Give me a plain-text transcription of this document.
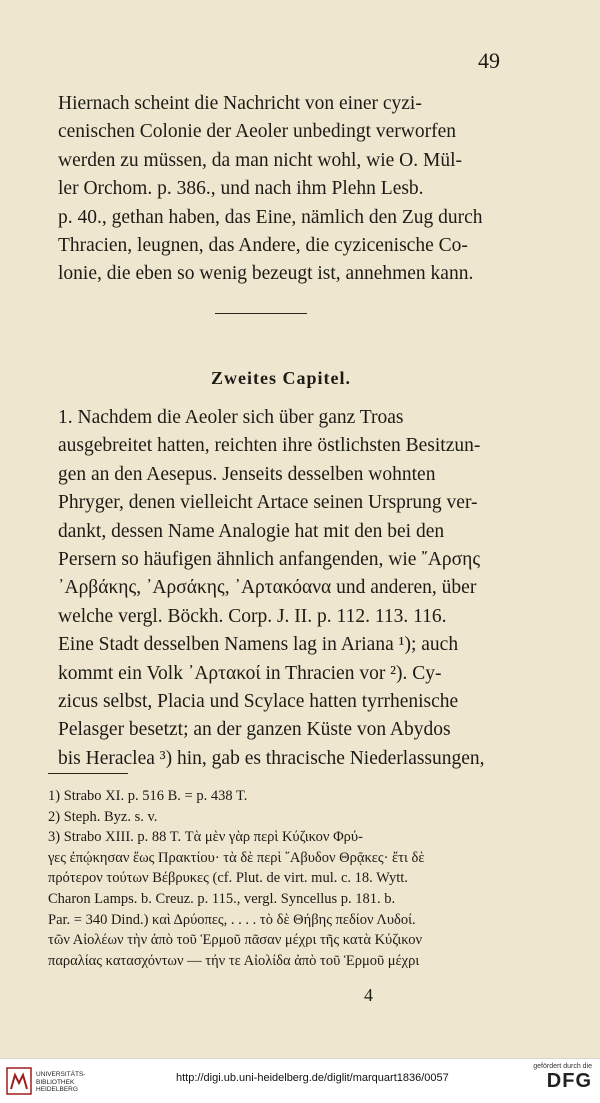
49
Hiernach scheint die Nachricht von einer cyzi-
cenischen Colonie der Aeoler unbedingt verworfen
werden zu müssen, da man nicht wohl, wie O. Mül-
ler Orchom. p. 386., und nach ihm Plehn Lesb.
p. 40., gethan haben, das Eine, nämlich den Zug durch
Thracien, leugnen, das Andere, die cyzicenische Co-
lonie, die eben so wenig bezeugt ist, annehmen kann.
Zweites Capitel.
1. Nachdem die Aeoler sich über ganz Troas
ausgebreitet hatten, reichten ihre östlichsten Besitzun-
gen an den Aesepus. Jenseits desselben wohnten
Phryger, denen vielleicht Artace seinen Ursprung ver-
dankt, dessen Name Analogie hat mit den bei den
Persern so häufigen ähnlich anfangenden, wie ῎Αρσης
᾿Αρβάκης, ᾿Αρσάκης, ᾿Αρτακόανα und anderen, über
welche vergl. Böckh. Corp. J. II. p. 112. 113. 116.
Eine Stadt desselben Namens lag in Ariana ¹); auch
kommt ein Volk ᾿Αρτακοί in Thracien vor ²). Cy-
zicus selbst, Placia und Scylace hatten tyrrhenische
Pelasger besetzt; an der ganzen Küste von Abydos
bis Heraclea ³) hin, gab es thracische Niederlassungen,
1) Strabo XI. p. 516 B. = p. 438 T.
2) Steph. Byz. s. v.
3) Strabo XIII. p. 88 T. Τὰ μὲν γὰρ περὶ Κύζικον Φρύ-
γες ἐπῴκησαν ἕως Πρακτίου· τὰ δὲ περὶ ῎Αβυδον Θρᾷκες· ἔτι δὲ
πρότερον τούτων Βέβρυκες (cf. Plut. de virt. mul. c. 18. Wytt.
Charon Lamps. b. Creuz. p. 115., vergl. Syncellus p. 181. b.
Par. = 340 Dind.) καὶ Δρύοπες, . . . . τὸ δὲ Θήβης πεδίον Λυδοί.
τῶν Αἰολέων τὴν ἀπὸ τοῦ Ἑρμοῦ πᾶσαν μέχρι τῆς κατὰ Κύζικον
παραλίας κατασχόντων — τήν τε Αἰολίδα ἀπὸ τοῦ Ἑρμοῦ μέχρι
4
UNIVERSITÄTS-
BIBLIOTHEK
HEIDELBERG
http://digi.ub.uni-heidelberg.de/diglit/marquart1836/0057
gefördert durch die
DFG
